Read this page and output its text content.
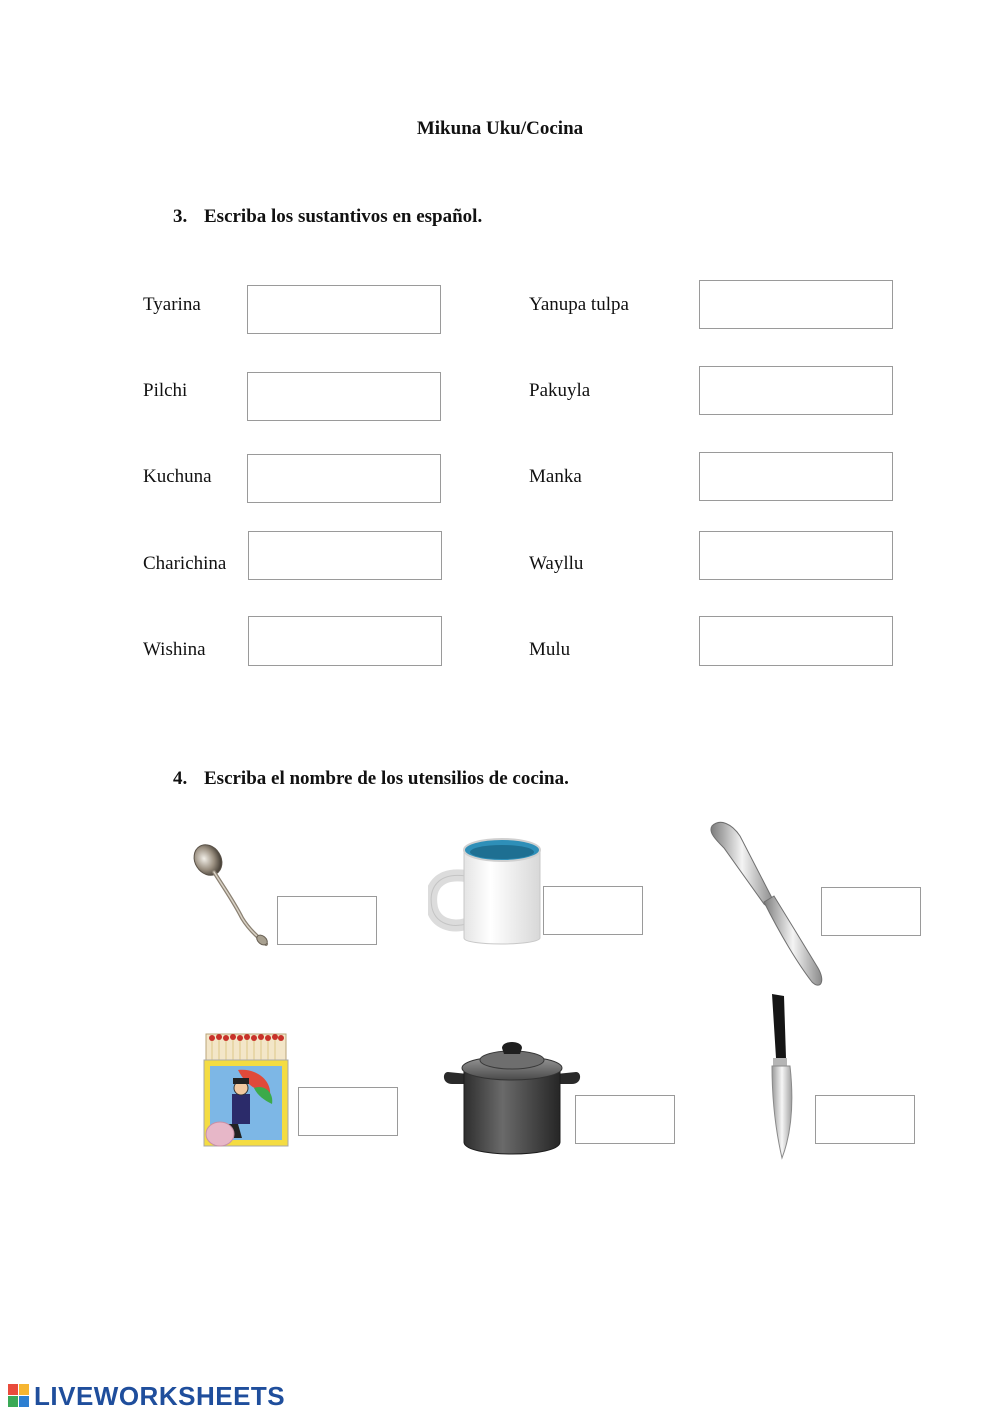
Mikuna Uku/Cocina
3. Escriba los sustantivos en español.
Tyarina	Yanupa tulpa
Pilchi	Pakuyla
Kuchuna	Manka
Charichina	Wayllu
Wishina	Mulu
4. Escriba el nombre de los utensilios de cocina.
LIVEWORKSHEETS
